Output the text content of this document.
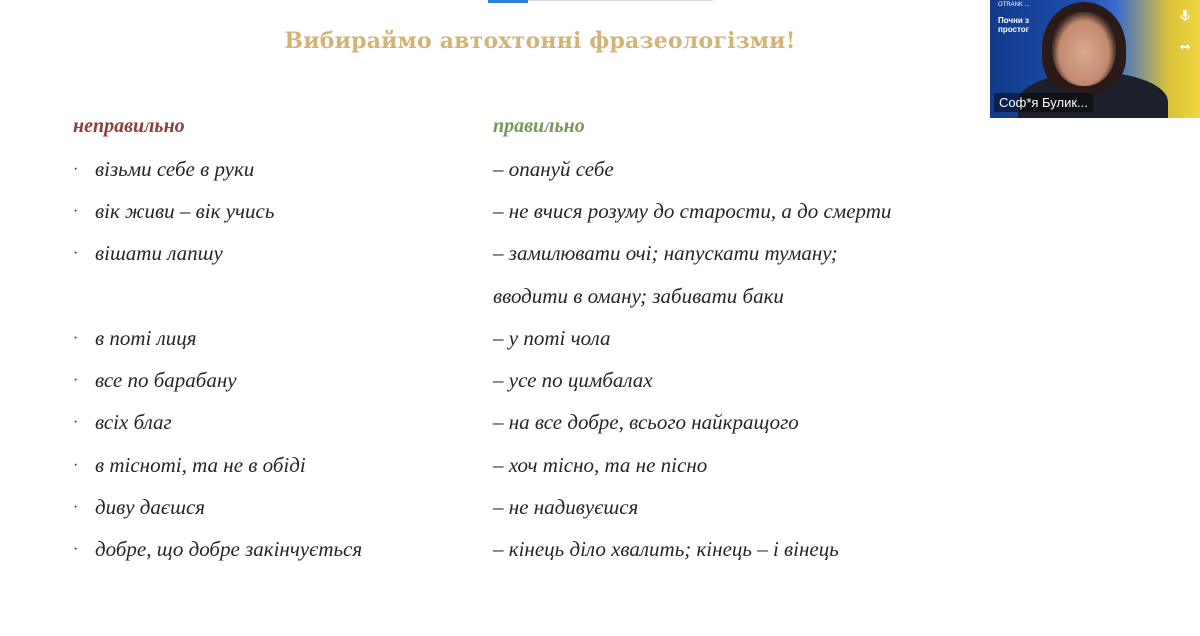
Вибираймо автохтонні фразеологізми!
неправильно	правильно
· візьми себе в руки	– опануй себе
· вік живи – вік учись	– не вчися розуму до старости, а до смерти
· вішати лапшу	– замилювати очі; напускати туману;
вводити в оману; забивати баки
· в поті лиця	– у поті чола
· все по барабану	– усе по цимбалах
· всіх благ	– на все добре, всього найкращого
· в тісноті, та не в обіді	– хоч тісно, та не пісно
· диву даєшся	– не надивуєшся
· добре, що добре закінчується	– кінець діло хвалить; кінець – і вінець
OTRANK ...
Почни з простог
Соф*я Булик...
